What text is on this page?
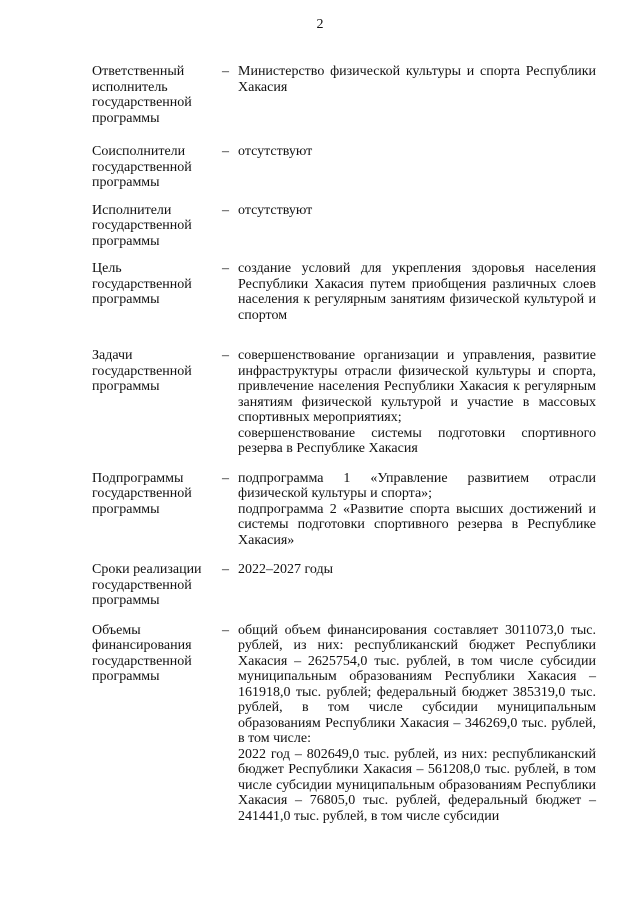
2
Ответственный исполнитель государственной программы
– Министерство физической культуры и спорта Республики Хакасия

Соисполнители государственной программы
– отсутствуют

Исполнители государственной программы
– отсутствуют

Цель государственной программы
– создание условий для укрепления здоровья населения Республики Хакасия путем приобщения различных слоев населения к регулярным занятиям физической культурой и спортом

Задачи государственной программы
– совершенствование организации и управления, развитие инфраструктуры отрасли физической культуры и спорта, привлечение населения Республики Хакасия к регулярным занятиям физической культурой и участие в массовых спортивных мероприятиях;

совершенствование системы подготовки спортивного резерва в Республике Хакасия

Подпрограммы государственной программы
– подпрограмма 1 «Управление развитием отрасли физической культуры и спорта»;

подпрограмма 2 «Развитие спорта высших достижений и системы подготовки спортивного резерва в Республике Хакасия»

Сроки реализации государственной программы
– 2022–2027 годы

Объемы финансирования государственной программы
– общий объем финансирования составляет 3011073,0 тыс. рублей, из них: республиканский бюджет Республики Хакасия – 2625754,0 тыс. рублей, в том числе субсидии муниципальным образованиям Республики Хакасия – 161918,0 тыс. рублей; федеральный бюджет 385319,0 тыс. рублей, в том числе субсидии муниципальным образованиям Республики Хакасия – 346269,0 тыс. рублей, в том числе:

2022 год – 802649,0 тыс. рублей, из них: республиканский бюджет Республики Хакасия – 561208,0 тыс. рублей, в том числе субсидии муниципальным образованиям Республики Хакасия – 76805,0 тыс. рублей, федеральный бюджет – 241441,0 тыс. рублей, в том числе субсидии
